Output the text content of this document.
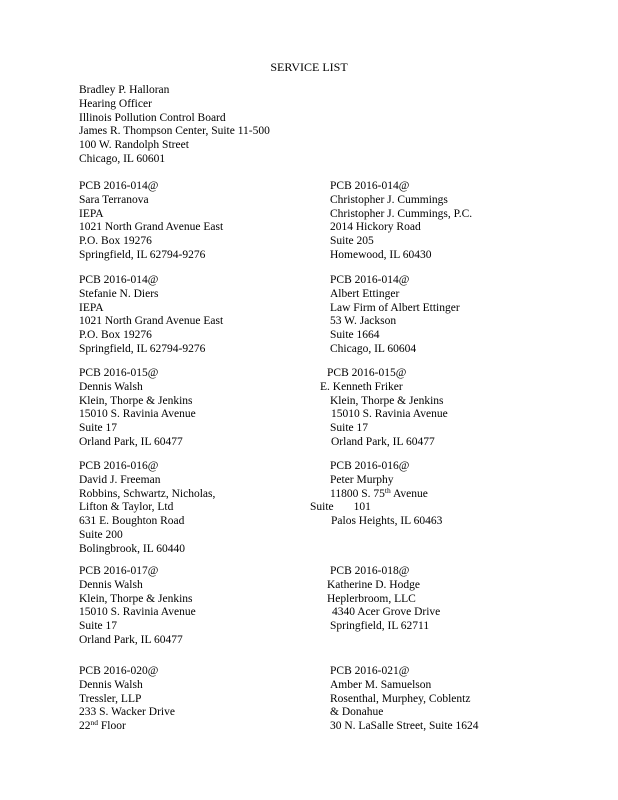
SERVICE LIST
Bradley P. Halloran
Hearing Officer
Illinois Pollution Control Board
James R. Thompson Center, Suite 11-500
100 W. Randolph Street
Chicago, IL 60601
PCB 2016-014@
Sara Terranova
IEPA
1021 North Grand Avenue East
P.O. Box 19276
Springfield, IL 62794-9276
PCB 2016-014@
Christopher J. Cummings
Christopher J. Cummings, P.C.
2014 Hickory Road
Suite 205
Homewood, IL 60430
PCB 2016-014@
Stefanie N. Diers
IEPA
1021 North Grand Avenue East
P.O. Box 19276
Springfield, IL 62794-9276
PCB 2016-014@
Albert Ettinger
Law Firm of Albert Ettinger
53 W. Jackson
Suite 1664
Chicago, IL 60604
PCB 2016-015@
Dennis Walsh
Klein, Thorpe & Jenkins
15010 S. Ravinia Avenue
Suite 17
Orland Park, IL 60477
PCB 2016-015@
E. Kenneth Friker
Klein, Thorpe & Jenkins
15010 S. Ravinia Avenue
Suite 17
Orland Park, IL 60477
PCB 2016-016@
David J. Freeman
Robbins, Schwartz, Nicholas,
Lifton & Taylor, Ltd
631 E. Boughton Road
Suite 200
Bolingbrook, IL 60440
PCB 2016-016@
Peter Murphy
11800 S. 75th Avenue
Suite 101
Palos Heights, IL 60463
PCB 2016-017@
Dennis Walsh
Klein, Thorpe & Jenkins
15010 S. Ravinia Avenue
Suite 17
Orland Park, IL 60477
PCB 2016-018@
Katherine D. Hodge
Heplerbroom, LLC
4340 Acer Grove Drive
Springfield, IL 62711
PCB 2016-020@
Dennis Walsh
Tressler, LLP
233 S. Wacker Drive
22nd Floor
PCB 2016-021@
Amber M. Samuelson
Rosenthal, Murphey, Coblentz
& Donahue
30 N. LaSalle Street, Suite 1624
